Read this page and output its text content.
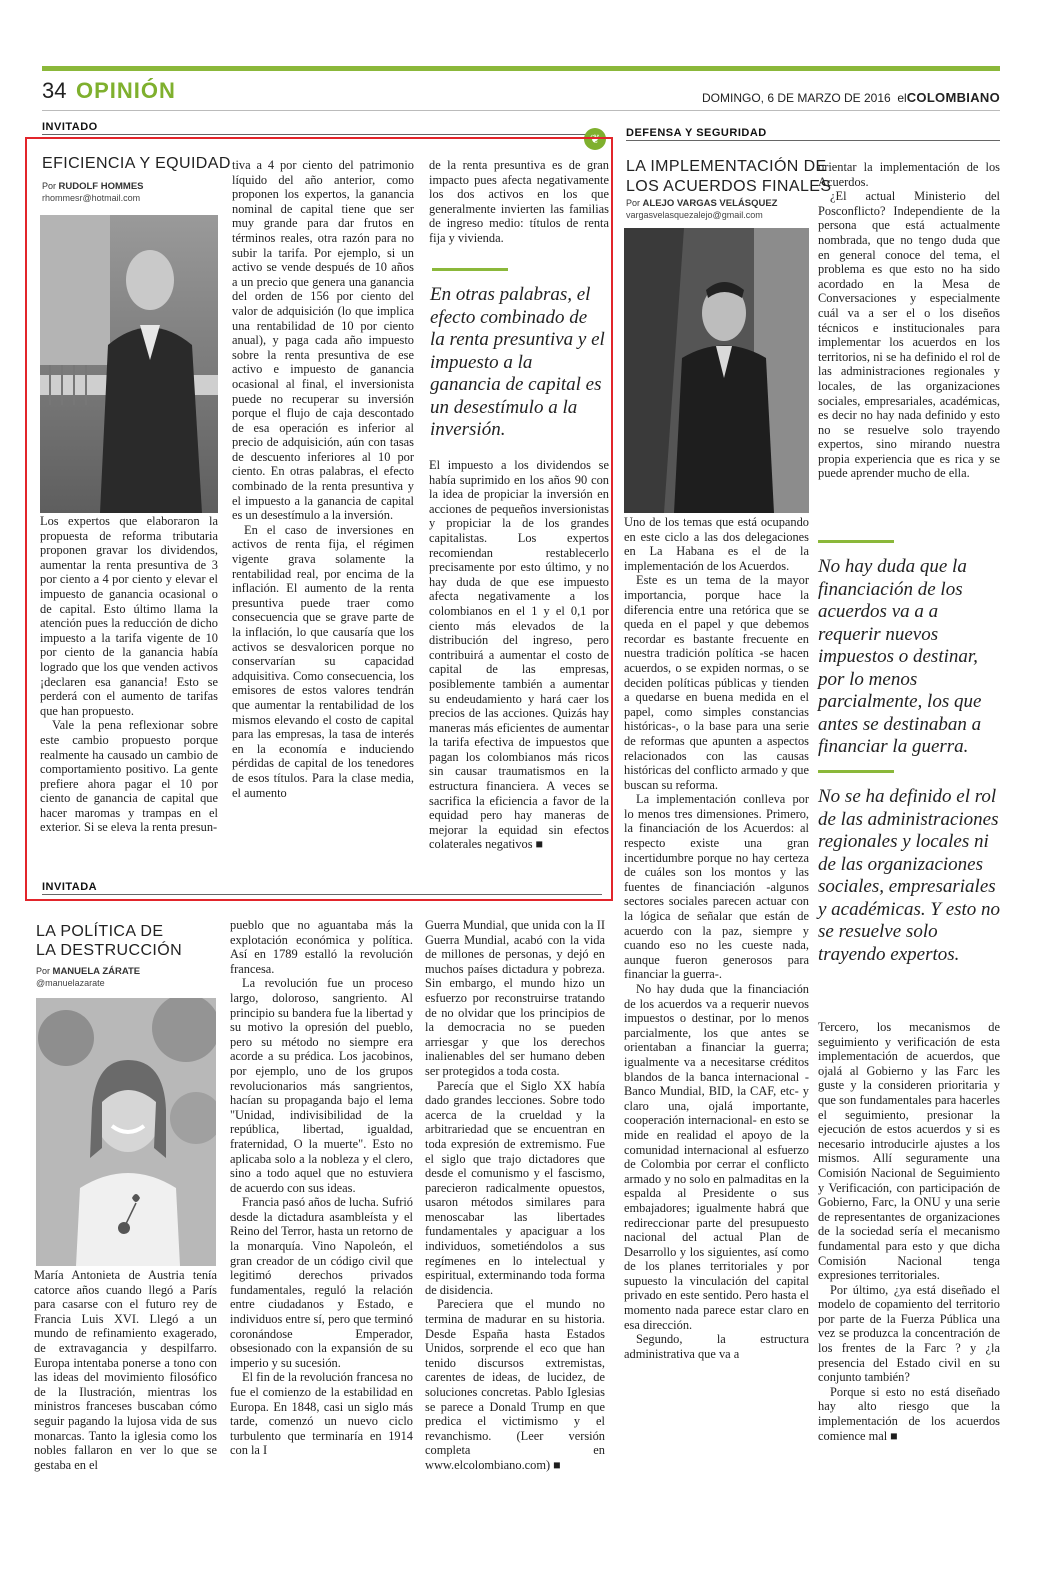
34 OPINIÓN	DOMINGO, 6 DE MARZO DE 2016 elCOLOMBIANO
INVITADO
EFICIENCIA Y EQUIDAD
Por RUDOLF HOMMES
rhommesr@hotmail.com

Los expertos que elaboraron la propuesta de reforma tributaria proponen gravar los dividendos, aumentar la renta presuntiva de 3 por ciento a 4 por ciento y elevar el impuesto de ganancia ocasional o de capital. Esto último llama la atención pues la reducción de dicho impuesto a la tarifa vigente de 10 por ciento de la ganancia había logrado que los que venden activos ¡declaren esa ganancia! Esto se perderá con el aumento de tarifas que han propuesto.

Vale la pena reflexionar sobre este cambio propuesto porque realmente ha causado un cambio de comportamiento positivo. La gente prefiere ahora pagar el 10 por ciento de ganancia de capital que hacer maromas y trampas en el exterior. Si se eleva la renta presun-

tiva a 4 por ciento del patrimonio líquido del año anterior, como proponen los expertos, la ganancia nominal de capital tiene que ser muy grande para dar frutos en términos reales, otra razón para no subir la tarifa. Por ejemplo, si un activo se vende después de 10 años a un precio que genera una ganancia del orden de 156 por ciento del valor de adquisición (lo que implica una rentabilidad de 10 por ciento anual), y paga cada año impuesto sobre la renta presuntiva de ese activo e impuesto de ganancia ocasional al final, el inversionista puede no recuperar su inversión porque el flujo de caja descontado de esa operación es inferior al precio de adquisición, aún con tasas de descuento inferiores al 10 por ciento. En otras palabras, el efecto combinado de la renta presuntiva y el impuesto a la ganancia de capital es un desestímulo a la inversión.

En el caso de inversiones en activos de renta fija, el régimen vigente grava solamente la rentabilidad real, por encima de la inflación. El aumento de la renta presuntiva puede traer como consecuencia que se grave parte de la inflación, lo que causaría que los activos se desvaloricen porque no conservarían su capacidad adquisitiva. Como consecuencia, los emisores de estos valores tendrán que aumentar la rentabilidad de los mismos elevando el costo de capital para las empresas, la tasa de interés en la economía e induciendo pérdidas de capital de los tenedores de esos títulos. Para la clase media, el aumento

de la renta presuntiva es de gran impacto pues afecta negativamente los dos activos en los que generalmente invierten las familias de ingreso medio: títulos de renta fija y vivienda.

En otras palabras, el efecto combinado de la renta presuntiva y el impuesto a la ganancia de capital es un desestímulo a la inversión.

El impuesto a los dividendos se había suprimido en los años 90 con la idea de propiciar la inversión en acciones de pequeños inversionistas y propiciar la de los grandes capitalistas. Los expertos recomiendan restablecerlo precisamente por esto último, y no hay duda de que ese impuesto afecta negativamente a los colombianos en el 1 y el 0,1 por ciento más elevados de la distribución del ingreso, pero contribuirá a aumentar el costo de capital de las empresas, posiblemente también a aumentar su endeudamiento y hará caer los precios de las acciones. Quizás hay maneras más eficientes de aumentar la tarifa efectiva de impuestos que pagan los colombianos más ricos sin causar traumatismos en la estructura financiera. A veces se sacrifica la eficiencia a favor de la equidad pero hay maneras de mejorar la equidad sin efectos colaterales negativos ■

❦
INVITADA
LA POLÍTICA DE
LA DESTRUCCIÓN
Por MANUELA ZÁRATE
@manuelazarate

María Antonieta de Austria tenía catorce años cuando llegó a París para casarse con el futuro rey de Francia Luis XVI. Llegó a un mundo de refinamiento exagerado, de extravagancia y despilfarro. Europa intentaba ponerse a tono con las ideas del movimiento filosófico de la Ilustración, mientras los ministros franceses buscaban cómo seguir pagando la lujosa vida de sus monarcas. Tanto la iglesia como los nobles fallaron en ver lo que se gestaba en el

pueblo que no aguantaba más la explotación económica y política. Así en 1789 estalló la revolución francesa.

La revolución fue un proceso largo, doloroso, sangriento. Al principio su bandera fue la libertad y su motivo la opresión del pueblo, pero su método no siempre era acorde a su prédica. Los jacobinos, por ejemplo, uno de los grupos revolucionarios más sangrientos, hacían su propaganda bajo el lema "Unidad, indivisibilidad de la república, libertad, igualdad, fraternidad, O la muerte". Esto no aplicaba solo a la nobleza y el clero, sino a todo aquel que no estuviera de acuerdo con sus ideas.

Francia pasó años de lucha. Sufrió desde la dictadura asambleísta y el Reino del Terror, hasta un retorno de la monarquía. Vino Napoleón, el gran creador de un código civil que legitimó derechos privados fundamentales, reguló la relación entre ciudadanos y Estado, e individuos entre sí, pero que terminó coronándose Emperador, obsesionado con la expansión de su imperio y su sucesión.

El fin de la revolución francesa no fue el comienzo de la estabilidad en Europa. En 1848, casi un siglo más tarde, comenzó un nuevo ciclo turbulento que terminaría en 1914 con la I

Guerra Mundial, que unida con la II Guerra Mundial, acabó con la vida de millones de personas, y dejó en muchos países dictadura y pobreza. Sin embargo, el mundo hizo un esfuerzo por reconstruirse tratando de no olvidar que los principios de la democracia no se pueden arriesgar y que los derechos inalienables del ser humano deben ser protegidos a toda costa.

Parecía que el Siglo XX había dado grandes lecciones. Sobre todo acerca de la crueldad y la arbitrariedad que se encuentran en toda expresión de extremismo. Fue el siglo que trajo dictadores que desde el comunismo y el fascismo, parecieron radicalmente opuestos, usaron métodos similares para menoscabar las libertades fundamentales y apaciguar a los individuos, sometiéndolos a sus regímenes en lo intelectual y espiritual, exterminando toda forma de disidencia.

Pareciera que el mundo no termina de madurar en su historia. Desde España hasta Estados Unidos, sorprende el eco que han tenido discursos extremistas, carentes de ideas, de lucidez, de soluciones concretas. Pablo Iglesias se parece a Donald Trump en que predica el victimismo y el revanchismo. (Leer versión completa en www.elcolombiano.com) ■

DEFENSA Y SEGURIDAD
LA IMPLEMENTACIÓN DE
LOS ACUERDOS FINALES
Por ALEJO VARGAS VELÁSQUEZ
vargasvelasquezalejo@gmail.com

Uno de los temas que está ocupando en este ciclo a las dos delegaciones en La Habana es el de la implementación de los Acuerdos.

Este es un tema de la mayor importancia, porque hace la diferencia entre una retórica que se queda en el papel y que debemos recordar es bastante frecuente en nuestra tradición política -se hacen acuerdos, o se expiden normas, o se deciden políticas públicas y tienden a quedarse en buena medida en el papel, como simples constancias históricas-, o la base para una serie de reformas que apunten a aspectos relacionados con las causas históricas del conflicto armado y que buscan su reforma.

La implementación conlleva por lo menos tres dimensiones. Primero, la financiación de los Acuerdos: al respecto existe una gran incertidumbre porque no hay certeza de cuáles son los montos y las fuentes de financiación -algunos sectores sociales parecen actuar con la lógica de señalar que están de acuerdo con la paz, siempre y cuando eso no les cueste nada, aunque fueron generosos para financiar la guerra-.

No hay duda que la financiación de los acuerdos va a requerir nuevos impuestos o destinar, por lo menos parcialmente, los que antes se orientaban a financiar la guerra; igualmente va a necesitarse créditos blandos de la banca internacional -Banco Mundial, BID, la CAF, etc- y claro una, ojalá importante, cooperación internacional- en esto se mide en realidad el apoyo de la comunidad internacional al esfuerzo de Colombia por cerrar el conflicto armado y no solo en palmaditas en la espalda al Presidente o sus embajadores; igualmente habrá que redireccionar parte del presupuesto nacional del actual Plan de Desarrollo y los siguientes, así como de los planes territoriales y por supuesto la vinculación del capital privado en este sentido. Pero hasta el momento nada parece estar claro en esa dirección.

Segundo, la estructura administrativa que va a

orientar la implementación de los Acuerdos.

¿El actual Ministerio del Posconflicto? Independiente de la persona que está actualmente nombrada, que no tengo duda que en general conoce del tema, el problema es que esto no ha sido acordado en la Mesa de Conversaciones y especialmente cuál va a ser el o los diseños técnicos e institucionales para implementar los acuerdos en los territorios, ni se ha definido el rol de las administraciones regionales y locales, de las organizaciones sociales, empresariales, académicas, es decir no hay nada definido y esto no se resuelve solo trayendo expertos, sino mirando nuestra propia experiencia que es rica y se puede aprender mucho de ella.

No hay duda que la financiación de los acuerdos va a a requerir nuevos impuestos o destinar, por lo menos parcialmente, los que antes se destinaban a financiar la guerra.
No se ha definido el rol de las administraciones regionales y locales ni de las organizaciones sociales, empresariales y académicas. Y esto no se resuelve solo trayendo expertos.

Tercero, los mecanismos de seguimiento y verificación de esta implementación de acuerdos, que ojalá al Gobierno y las Farc les guste y la consideren prioritaria y que son fundamentales para hacerles el seguimiento, presionar la ejecución de estos acuerdos y si es necesario introducirle ajustes a los mismos. Allí seguramente una Comisión Nacional de Seguimiento y Verificación, con participación de Gobierno, Farc, la ONU y una serie de representantes de organizaciones de la sociedad sería el mecanismo fundamental para esto y que dicha Comisión Nacional tenga expresiones territoriales.

Por último, ¿ya está diseñado el modelo de copamiento del territorio por parte de la Fuerza Pública una vez se produzca la concentración de los frentes de la Farc ? y ¿la presencia del Estado civil en su conjunto también?

Porque si esto no está diseñado hay alto riesgo que la implementación de los acuerdos comience mal ■
